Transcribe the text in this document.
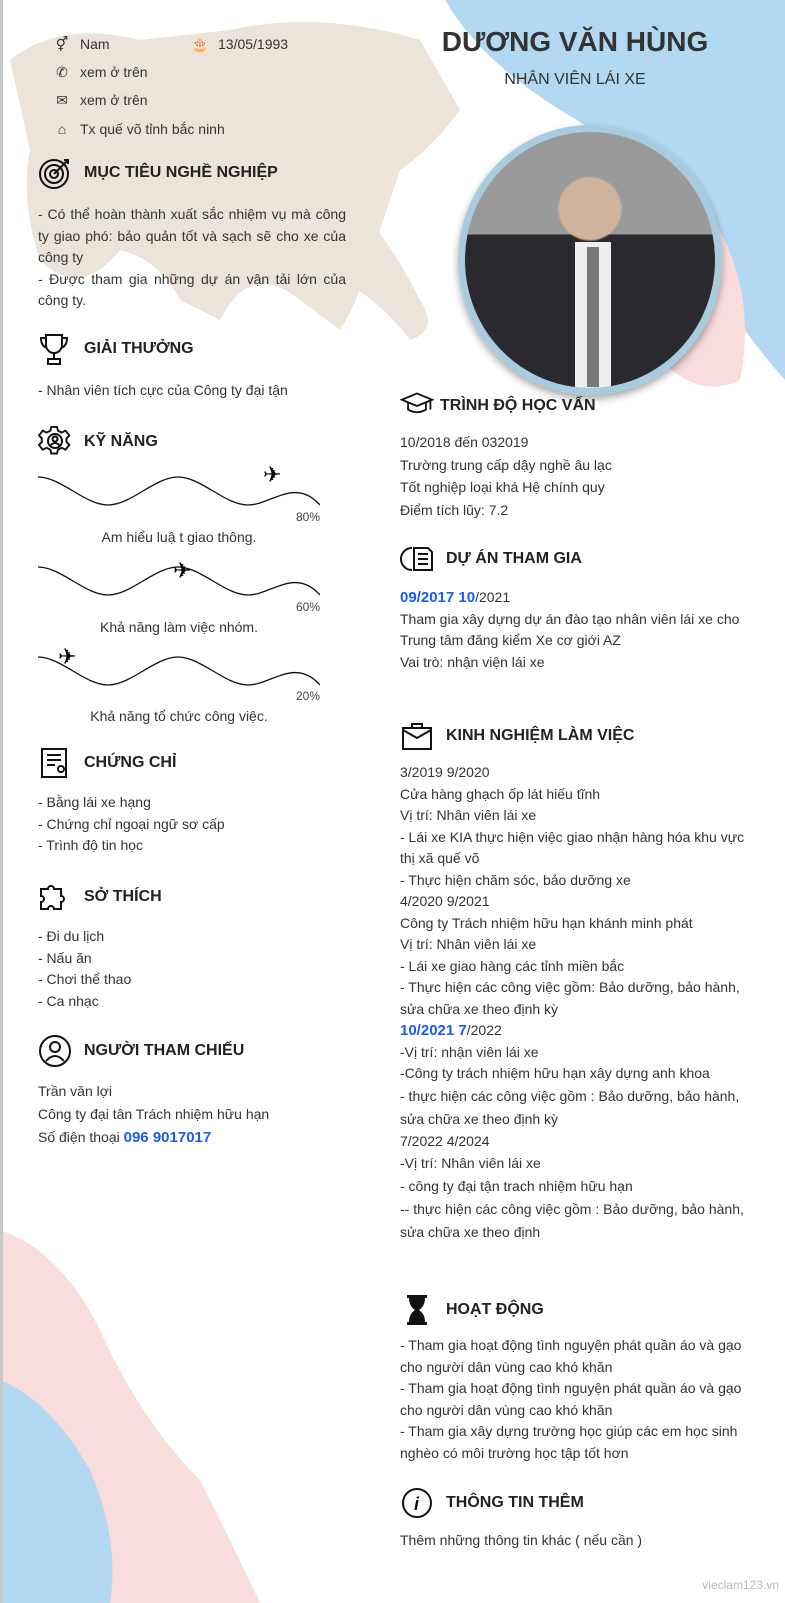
⚥ Nam	🎂 13/05/1993
✆ xem ở trên
✉ xem ở trên
⌂ Tx quế võ tỉnh bắc ninh
DƯƠNG VĂN HÙNG
NHÂN VIÊN LÁI XE
MỤC TIÊU NGHỀ NGHIỆP

- Có thể hoàn thành xuất sắc nhiệm vụ mà công ty giao phó: bảo quản tốt và sạch sẽ cho xe của công ty

- Được tham gia những dự án vận tải lớn của công ty.

GIẢI THƯỞNG
- Nhân viên tích cực của Công ty đại tận
KỸ NĂNG
✈
80%
Am hiểu luậ t giao thông.
✈
60%
Khả năng làm việc nhóm.
✈
20%
Khả năng tổ chức công việc.
CHỨNG CHỈ

- Bằng lái xe hạng

- Chứng chỉ ngoại ngữ sơ cấp

- Trình độ tin học

SỞ THÍCH

- Đi du lịch

- Nấu ăn

- Chơi thể thao

- Ca nhạc

NGƯỜI THAM CHIẾU

Trần văn lợi

Công ty đại tân Trách nhiệm hữu hạn

Số điện thoại 096 9017017

TRÌNH ĐỘ HỌC VẤN

10/2018 đến 032019

Trường trung cấp dậy nghề âu lạc

Tốt nghiệp loại khá Hệ chính quy

Điểm tích lũy: 7.2

DỰ ÁN THAM GIA

09/2017 10/2021

Tham gia xây dựng dự án đào tạo nhân viên lái xe cho Trung tâm đăng kiểm Xe cơ giới AZ

Vai trò: nhận viện lái xe

KINH NGHIỆM LÀM VIỆC

3/2019 9/2020

Cửa hàng ghạch ốp lát hiếu tĩnh

Vị trí: Nhân viên lái xe

- Lái xe KIA thực hiện việc giao nhận hàng hóa khu vực thị xã quế võ

- Thực hiện chăm sóc, bảo dưỡng xe

4/2020 9/2021

Công ty Trách nhiệm hữu hạn khánh minh phát

Vị trí: Nhân viên lái xe

- Lái xe giao hàng các tỉnh miền bắc

- Thực hiện các công việc gồm: Bảo dưỡng, bảo hành, sửa chữa xe theo định kỳ

10/2021 7/2022

-Vị trí: nhận viên lái xe

-Công ty trách nhiệm hữu hạn xây dựng anh khoa

- thực hiện các công việc gồm : Bảo dưỡng, bảo hành, sửa chữa xe theo định kỳ

7/2022 4/2024

-Vị trí: Nhân viên lái xe

- công ty đại tận trach nhiệm hữu hạn

-- thực hiện các công việc gồm : Bảo dưỡng, bảo hành, sửa chữa xe theo định

HOẠT ĐỘNG

- Tham gia hoạt động tình nguyện phát quần áo và gạo cho người dân vùng cao khó khăn

- Tham gia hoạt động tình nguyện phát quần áo và gạo cho người dân vùng cao khó khăn

- Tham gia xây dựng trường học giúp các em học sinh nghèo có môi trường học tập tốt hơn

i THÔNG TIN THÊM
Thêm những thông tin khác ( nếu cần )
vieclam123.vn
